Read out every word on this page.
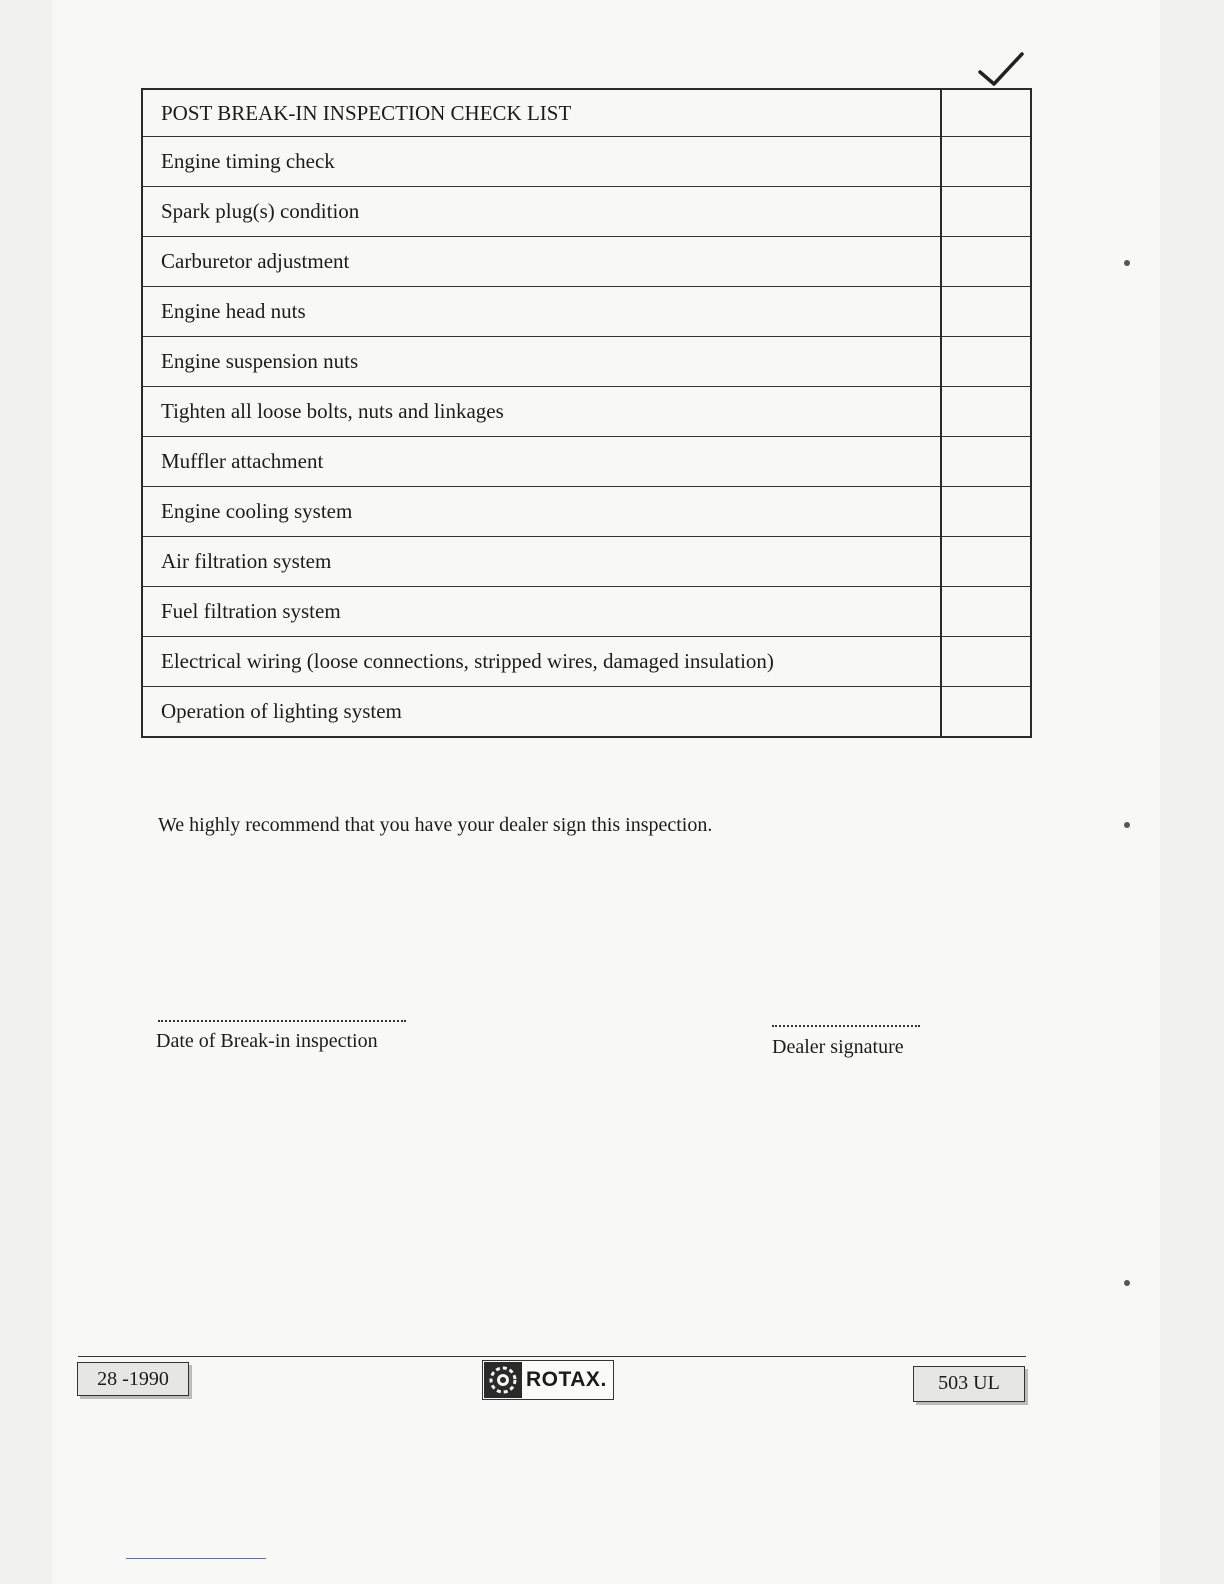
POST BREAK-IN INSPECTION CHECK LIST	
Engine timing check	
Spark plug(s) condition	
Carburetor adjustment	
Engine head nuts	
Engine suspension nuts	
Tighten all loose bolts, nuts and linkages	
Muffler attachment	
Engine cooling system	
Air filtration system	
Fuel filtration system	
Electrical wiring (loose connections, stripped wires, damaged insulation)	
Operation of lighting system	
We highly recommend that you have your dealer sign this inspection.
Date of Break-in inspection	Dealer signature
28 -1990	ROTAX.	503 UL
